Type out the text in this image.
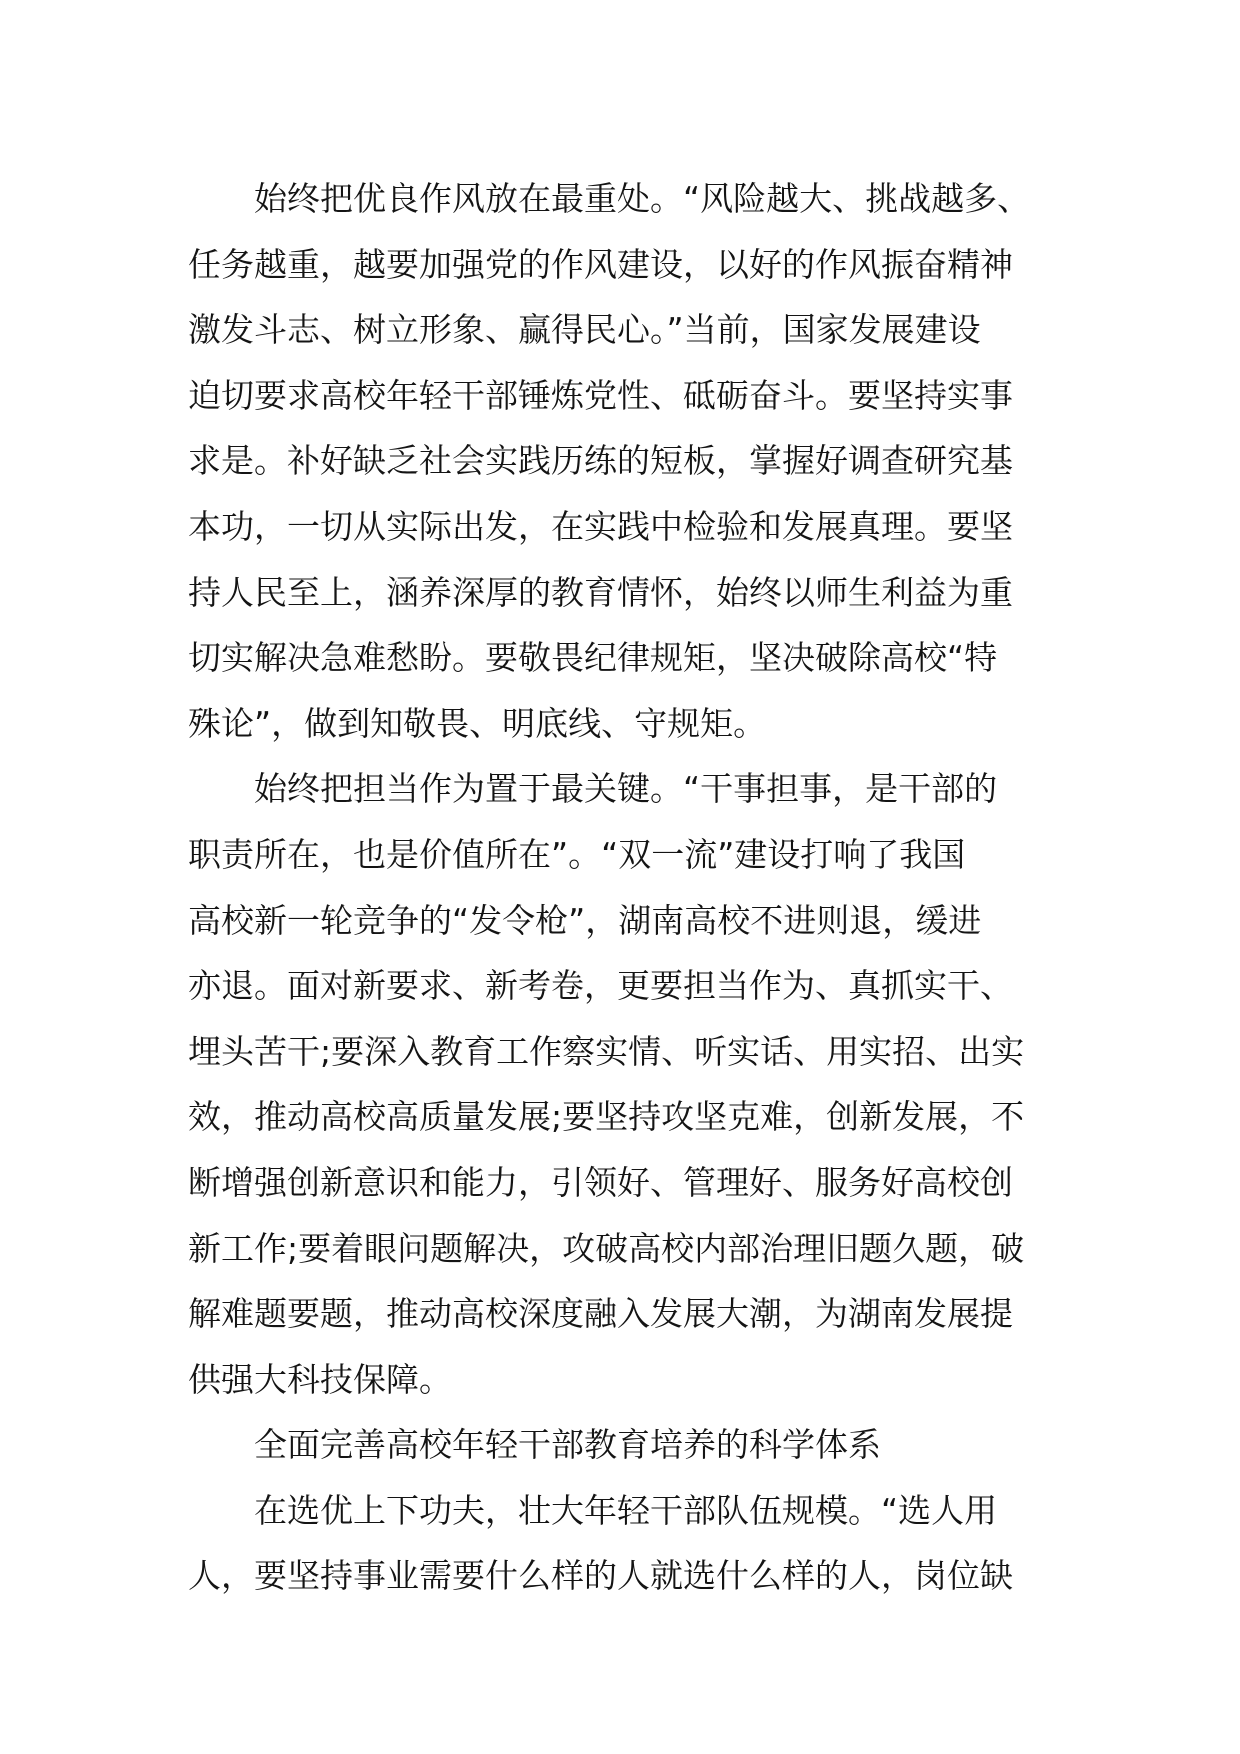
始终把优良作风放在最重处。“风险越大、挑战越多、
任务越重，越要加强党的作风建设，以好的作风振奋精神
激发斗志、树立形象、赢得民心。”当前，国家发展建设
迫切要求高校年轻干部锤炼党性、砥砺奋斗。要坚持实事
求是。补好缺乏社会实践历练的短板，掌握好调查研究基
本功，一切从实际出发，在实践中检验和发展真理。要坚
持人民至上，涵养深厚的教育情怀，始终以师生利益为重
切实解决急难愁盼。要敬畏纪律规矩，坚决破除高校“特
殊论”，做到知敬畏、明底线、守规矩。
始终把担当作为置于最关键。“干事担事，是干部的
职责所在，也是价值所在”。“双一流”建设打响了我国
高校新一轮竞争的“发令枪”，湖南高校不进则退，缓进
亦退。面对新要求、新考卷，更要担当作为、真抓实干、
埋头苦干;要深入教育工作察实情、听实话、用实招、出实
效，推动高校高质量发展;要坚持攻坚克难，创新发展，不
断增强创新意识和能力，引领好、管理好、服务好高校创
新工作;要着眼问题解决，攻破高校内部治理旧题久题，破
解难题要题，推动高校深度融入发展大潮，为湖南发展提
供强大科技保障。
全面完善高校年轻干部教育培养的科学体系
在选优上下功夫，壮大年轻干部队伍规模。“选人用
人，要坚持事业需要什么样的人就选什么样的人，岗位缺
